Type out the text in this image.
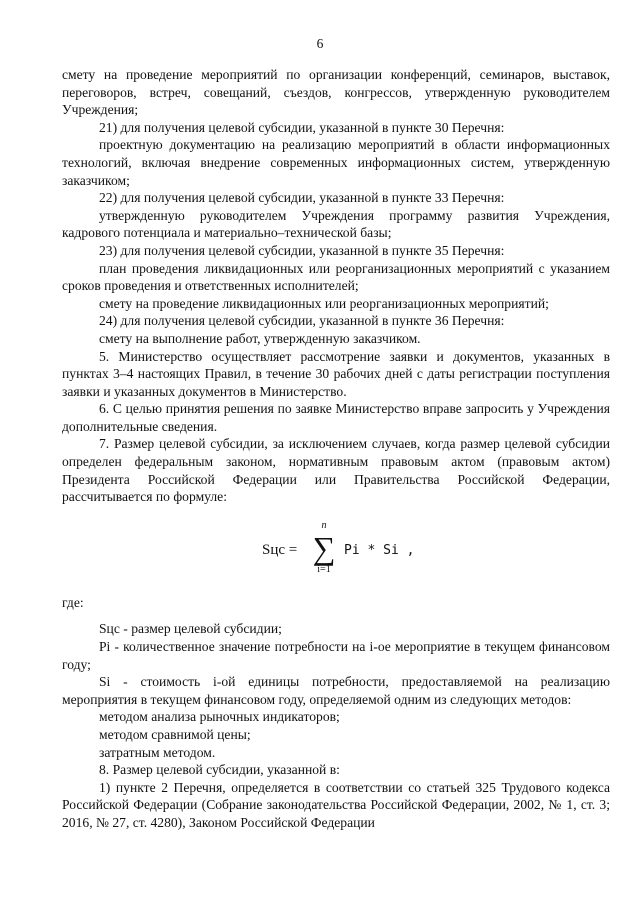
6

смету на проведение мероприятий по организации конференций, семинаров, выставок, переговоров, встреч, совещаний, съездов, конгрессов, утвержденную руководителем Учреждения;

21) для получения целевой субсидии, указанной в пункте 30 Перечня:

проектную документацию на реализацию мероприятий в области информационных технологий, включая внедрение современных информационных систем, утвержденную заказчиком;

22) для получения целевой субсидии, указанной в пункте 33 Перечня:

утвержденную руководителем Учреждения программу развития Учреждения, кадрового потенциала и материально–технической базы;

23) для получения целевой субсидии, указанной в пункте 35 Перечня:

план проведения ликвидационных или реорганизационных мероприятий с указанием сроков проведения и ответственных исполнителей;

смету на проведение ликвидационных или реорганизационных мероприятий;

24) для получения целевой субсидии, указанной в пункте 36 Перечня:

смету на выполнение работ, утвержденную заказчиком.

5. Министерство осуществляет рассмотрение заявки и документов, указанных в пунктах 3–4 настоящих Правил, в течение 30 рабочих дней с даты регистрации поступления заявки и указанных документов в Министерство.

6. С целью принятия решения по заявке Министерство вправе запросить у Учреждения дополнительные сведения.

7. Размер целевой субсидии, за исключением случаев, когда размер целевой субсидии определен федеральным законом, нормативным правовым актом (правовым актом) Президента Российской Федерации или Правительства Российской Федерации, рассчитывается по формуле:

Sцс =
n
∑
i=1
Pi * Si ,

где:

Sцс - размер целевой субсидии;

Pi - количественное значение потребности на i-ое мероприятие в текущем финансовом году;

Si - стоимость i-ой единицы потребности, предоставляемой на реализацию мероприятия в текущем финансовом году, определяемой одним из следующих методов:

методом анализа рыночных индикаторов;

методом сравнимой цены;

затратным методом.

8. Размер целевой субсидии, указанной в:

1) пункте 2 Перечня, определяется в соответствии со статьей 325 Трудового кодекса Российской Федерации (Собрание законодательства Российской Федерации, 2002, № 1, ст. 3; 2016, № 27, ст. 4280), Законом Российской Федерации
